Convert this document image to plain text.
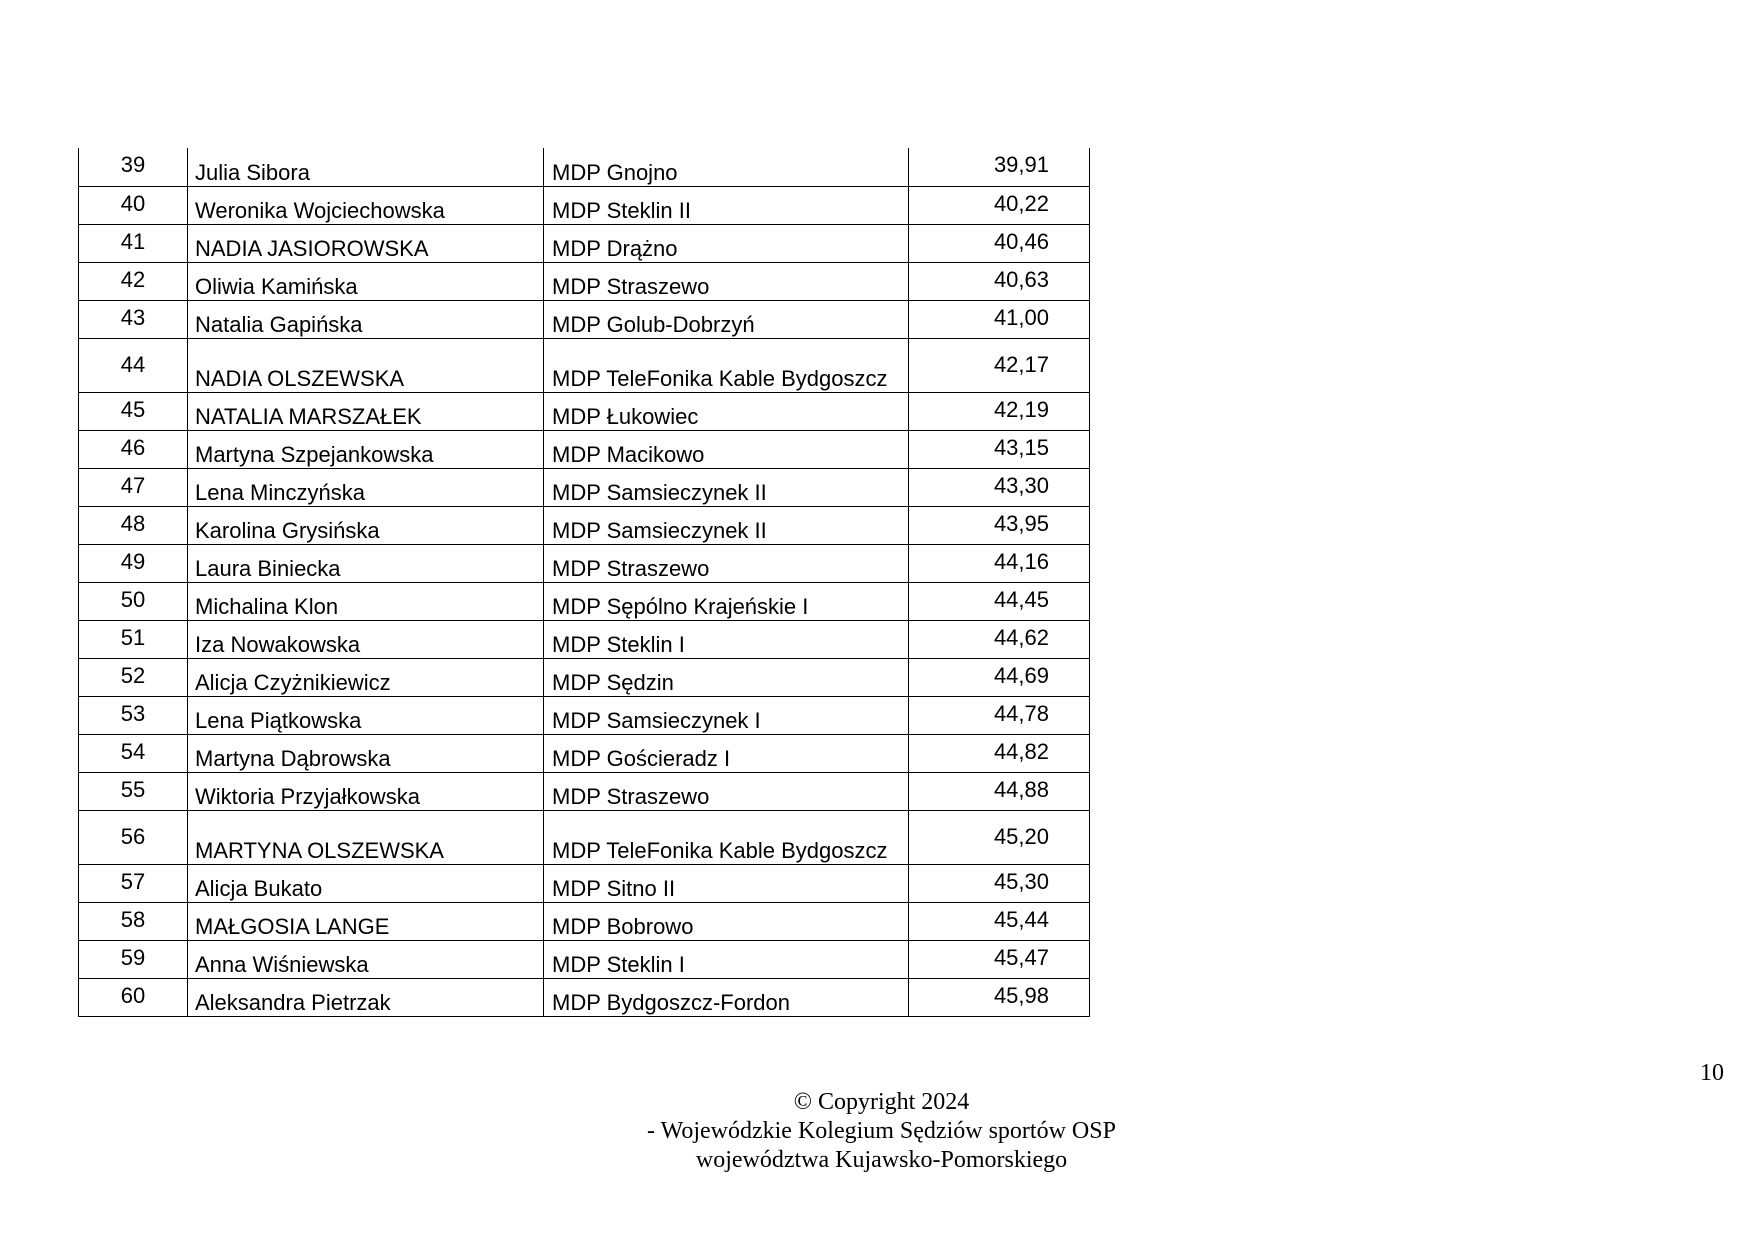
39	Julia Sibora	MDP Gnojno	39,91
40	Weronika Wojciechowska	MDP Steklin II	40,22
41	NADIA JASIOROWSKA	MDP Drążno	40,46
42	Oliwia Kamińska	MDP Straszewo	40,63
43	Natalia Gapińska	MDP Golub-Dobrzyń	41,00
44	NADIA OLSZEWSKA	MDP TeleFonika Kable Bydgoszcz	42,17
45	NATALIA MARSZAŁEK	MDP Łukowiec	42,19
46	Martyna Szpejankowska	MDP Macikowo	43,15
47	Lena Minczyńska	MDP Samsieczynek II	43,30
48	Karolina Grysińska	MDP Samsieczynek II	43,95
49	Laura Biniecka	MDP Straszewo	44,16
50	Michalina Klon	MDP Sępólno Krajeńskie I	44,45
51	Iza Nowakowska	MDP Steklin I	44,62
52	Alicja Czyżnikiewicz	MDP Sędzin	44,69
53	Lena Piątkowska	MDP Samsieczynek I	44,78
54	Martyna Dąbrowska	MDP Gościeradz I	44,82
55	Wiktoria Przyjałkowska	MDP Straszewo	44,88
56	MARTYNA OLSZEWSKA	MDP TeleFonika Kable Bydgoszcz	45,20
57	Alicja Bukato	MDP Sitno II	45,30
58	MAŁGOSIA LANGE	MDP Bobrowo	45,44
59	Anna Wiśniewska	MDP Steklin I	45,47
60	Aleksandra Pietrzak	MDP Bydgoszcz-Fordon	45,98
10
© Copyright 2024
- Wojewódzkie Kolegium Sędziów sportów OSP
województwa Kujawsko-Pomorskiego
